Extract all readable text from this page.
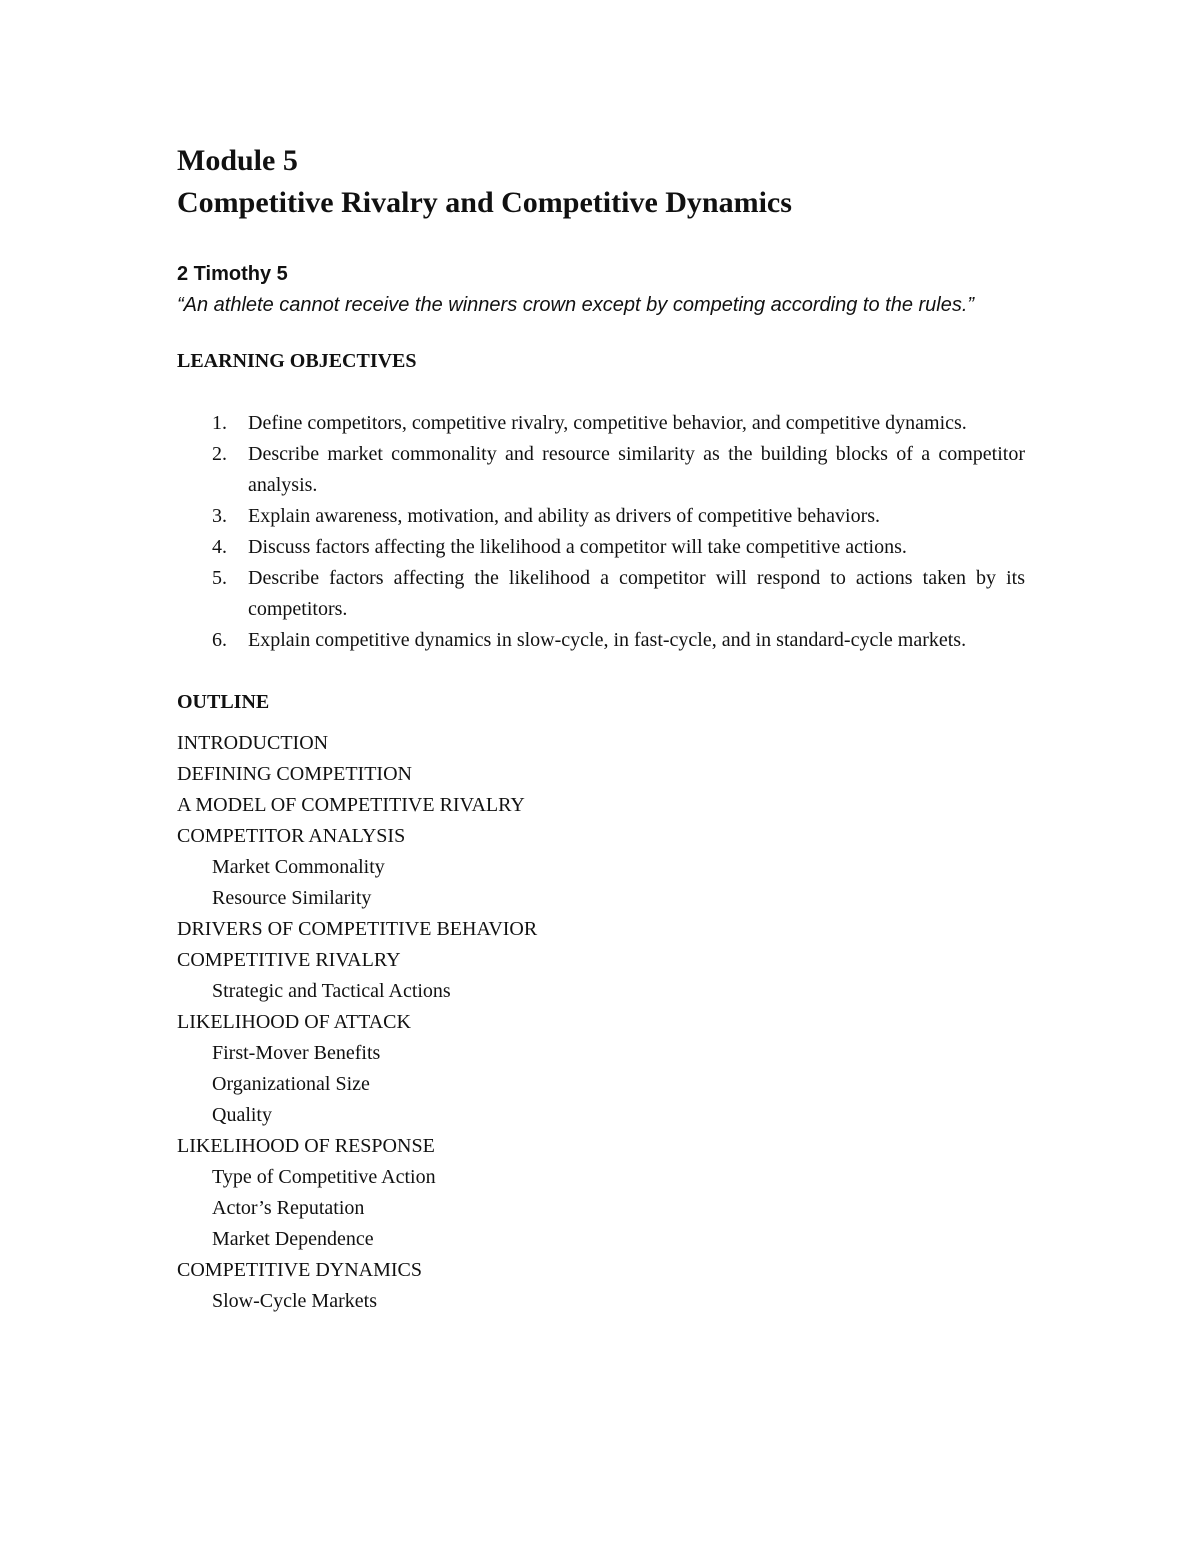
Module 5
Competitive Rivalry and Competitive Dynamics

2 Timothy 5

“An athlete cannot receive the winners crown except by competing according to the rules.”

LEARNING OBJECTIVES
1. Define competitors, competitive rivalry, competitive behavior, and competitive dynamics.
2. Describe market commonality and resource similarity as the building blocks of a competitor analysis.
3. Explain awareness, motivation, and ability as drivers of competitive behaviors.
4. Discuss factors affecting the likelihood a competitor will take competitive actions.
5. Describe factors affecting the likelihood a competitor will respond to actions taken by its competitors.
6. Explain competitive dynamics in slow-cycle, in fast-cycle, and in standard-cycle markets.
OUTLINE
INTRODUCTION
DEFINING COMPETITION
A MODEL OF COMPETITIVE RIVALRY
COMPETITOR ANALYSIS
Market Commonality
Resource Similarity
DRIVERS OF COMPETITIVE BEHAVIOR
COMPETITIVE RIVALRY
Strategic and Tactical Actions
LIKELIHOOD OF ATTACK
First-Mover Benefits
Organizational Size
Quality
LIKELIHOOD OF RESPONSE
Type of Competitive Action
Actor’s Reputation
Market Dependence
COMPETITIVE DYNAMICS
Slow-Cycle Markets
